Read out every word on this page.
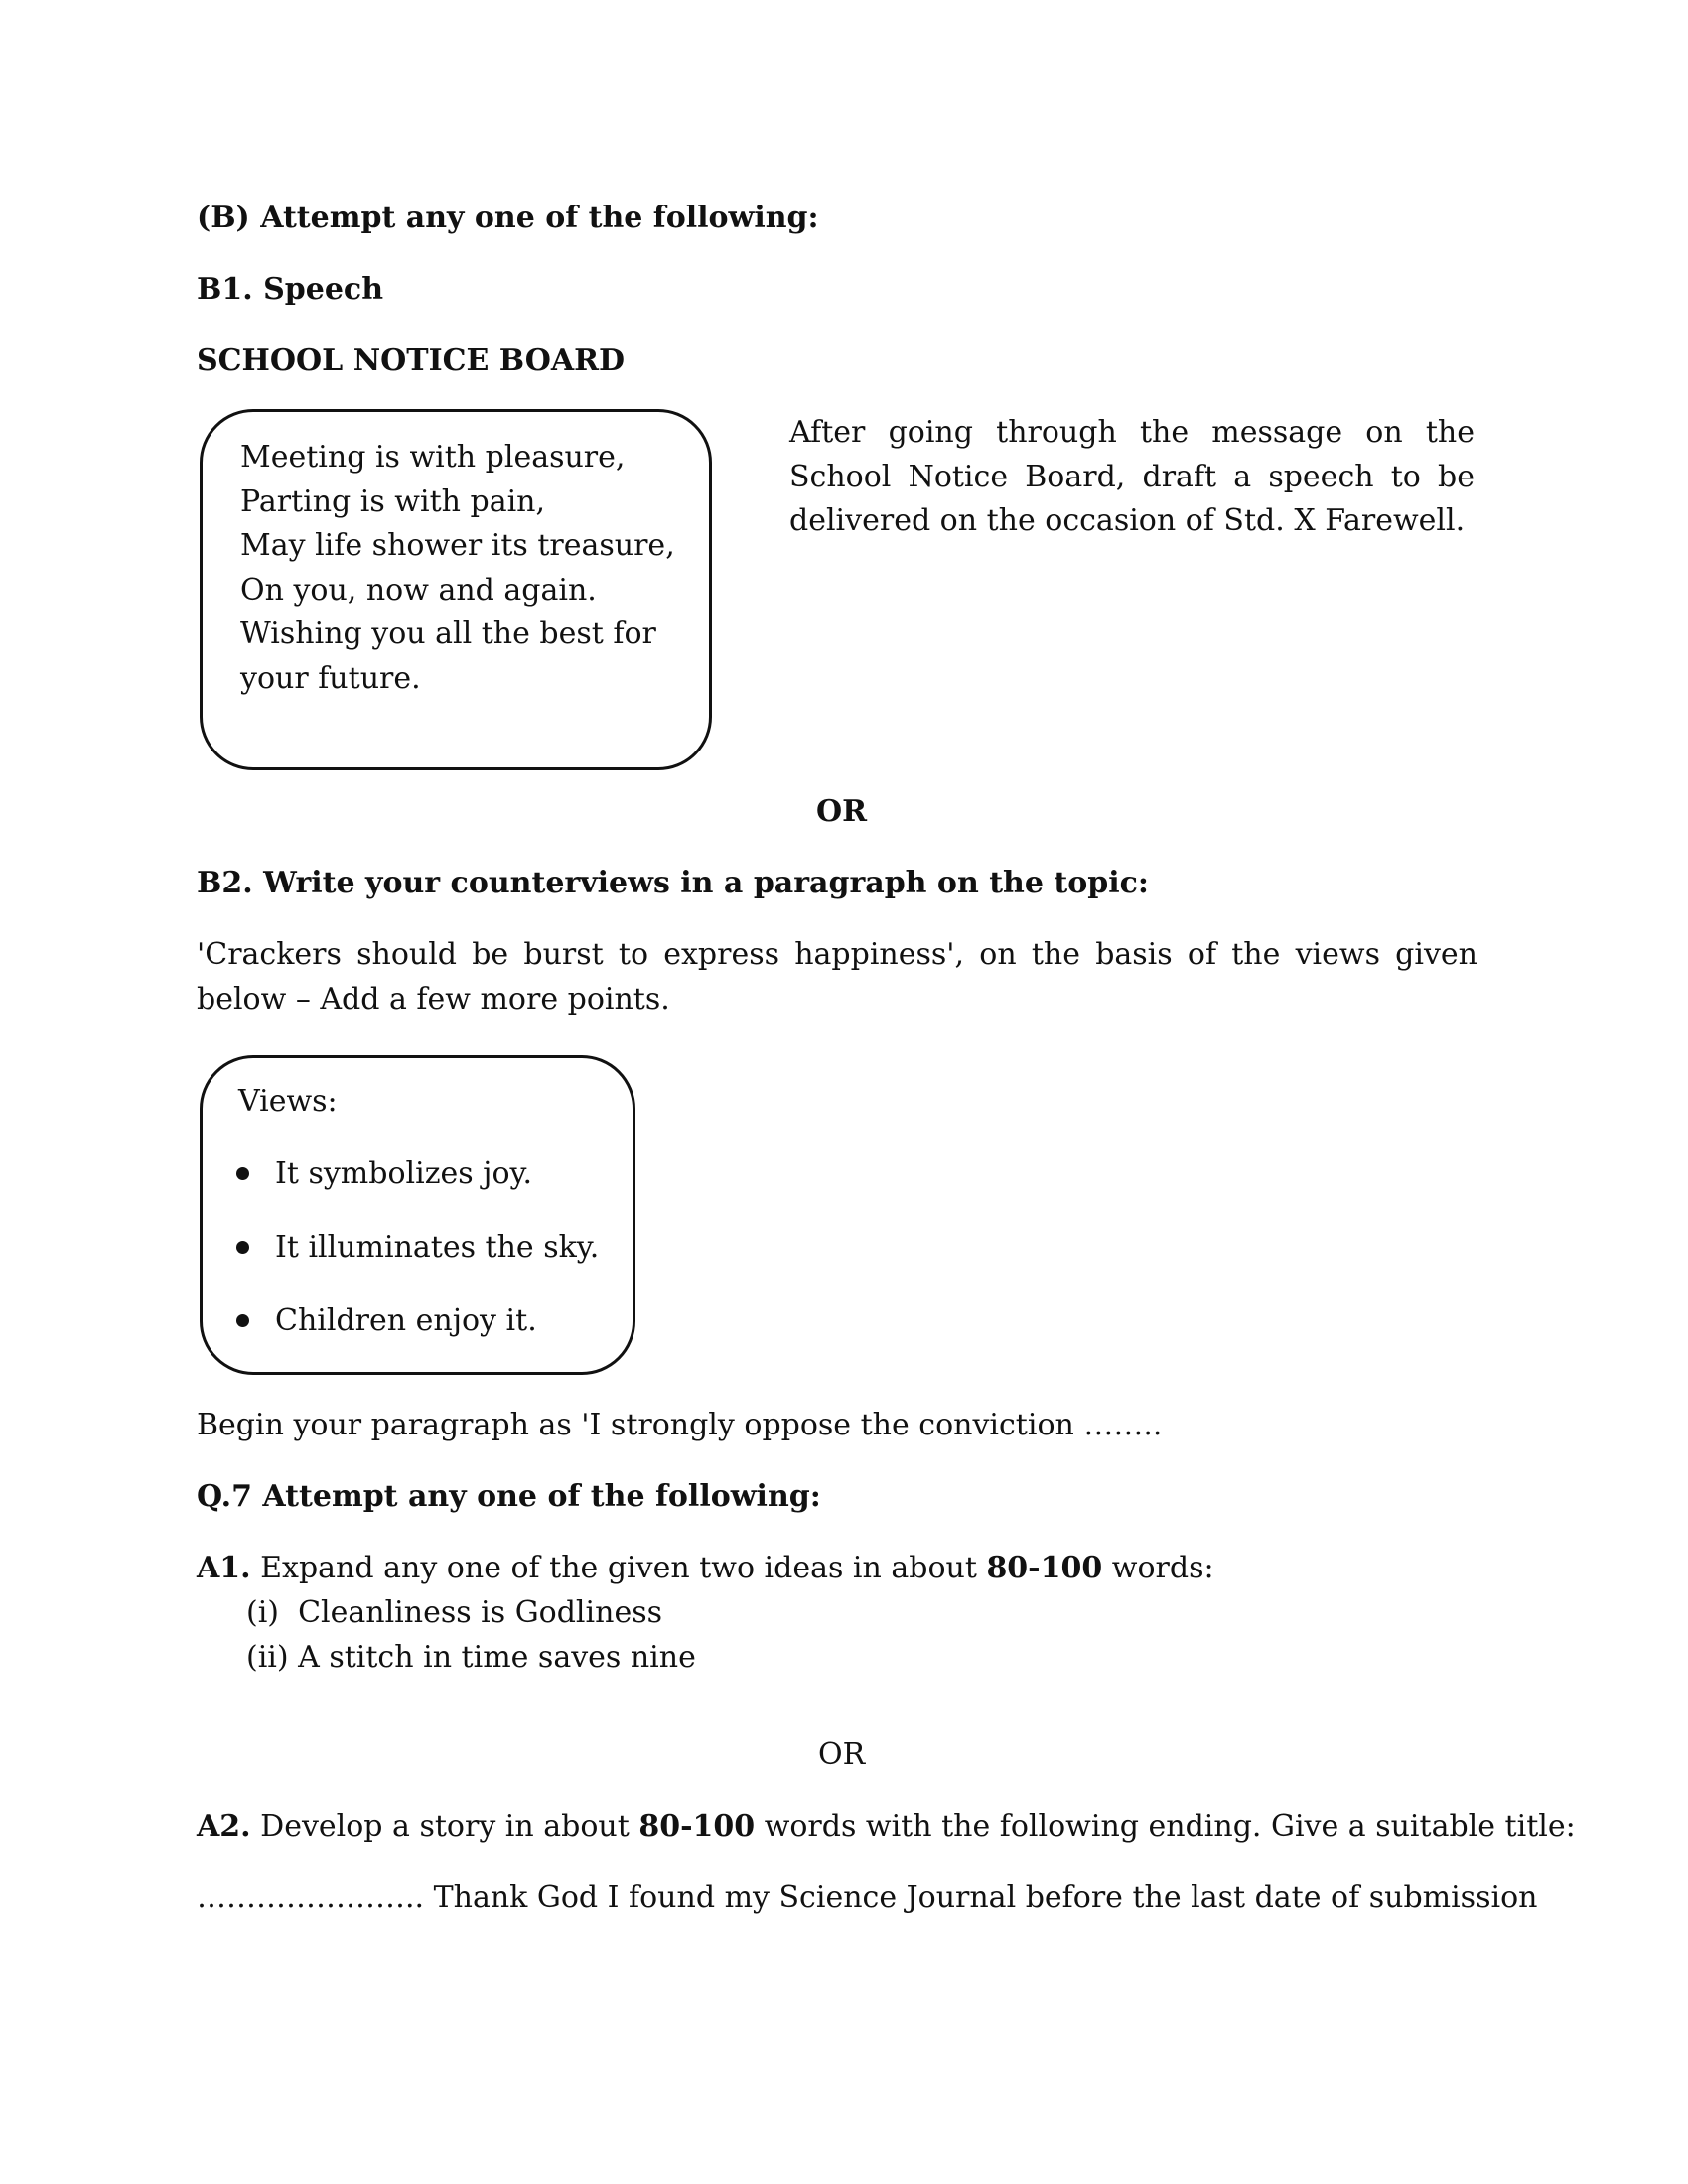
(B) Attempt any one of the following:
B1. Speech
SCHOOL NOTICE BOARD
Meeting is with pleasure,
Parting is with pain,
May life shower its treasure,
On you, now and again.
Wishing you all the best for
your future.
After going through the message on the School Notice Board, draft a speech to be delivered on the occasion of Std. X Farewell.
OR
B2. Write your counterviews in a paragraph on the topic:
'Crackers should be burst to express happiness', on the basis of the views given below – Add a few more points.
Views:
It symbolizes joy.
It illuminates the sky.
Children enjoy it.
Begin your paragraph as 'I strongly oppose the conviction ……..
Q.7 Attempt any one of the following:
A1. Expand any one of the given two ideas in about 80-100 words:
(i)  Cleanliness is Godliness
(ii) A stitch in time saves nine
OR
A2. Develop a story in about 80-100 words with the following ending. Give a suitable title:
………………….. Thank God I found my Science Journal before the last date of submission
